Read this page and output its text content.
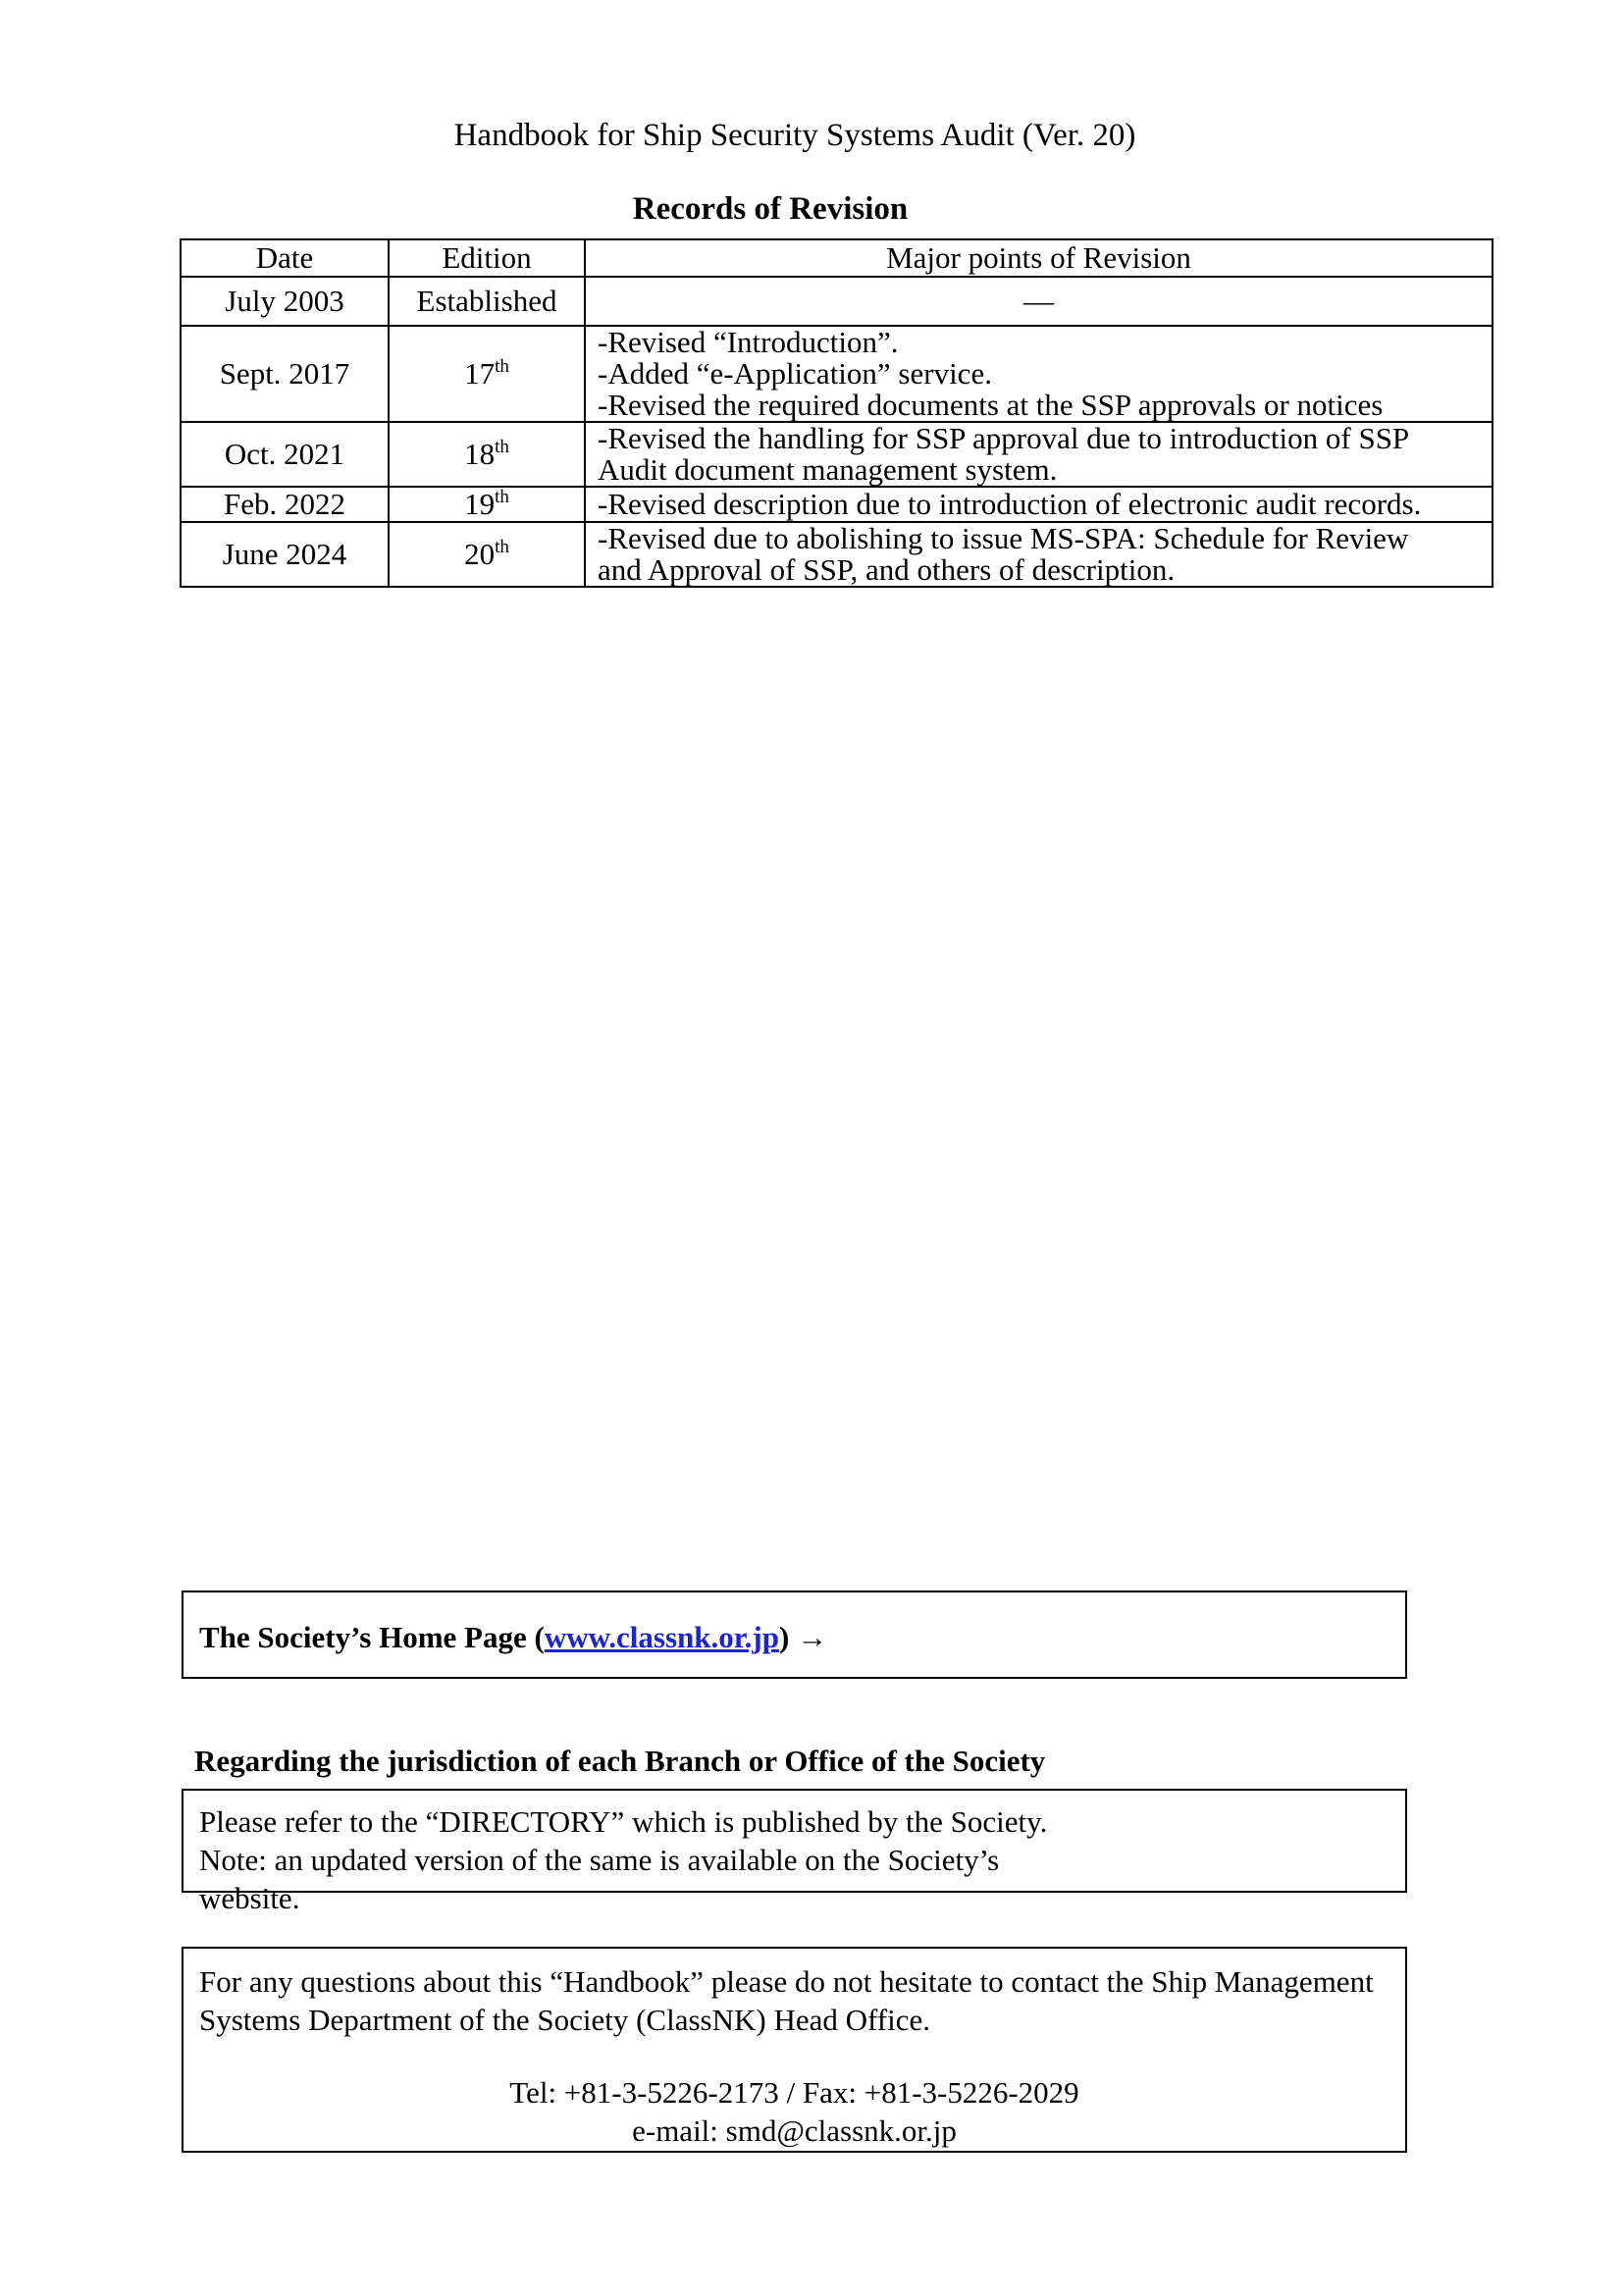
Handbook for Ship Security Systems Audit (Ver. 20)
Records of Revision
Date	Edition	Major points of Revision
July 2003	Established	―

Sept. 2017	17th	-Revised “Introduction”.
-Added “e-Application” service.
-Revised the required documents at the SSP approvals or notices

Oct. 2021	18th	-Revised the handling for SSP approval due to introduction of SSP
Audit document management system.

Feb. 2022	19th	-Revised description due to introduction of electronic audit records.

June 2024	20th	-Revised due to abolishing to issue MS-SPA: Schedule for Review
and Approval of SSP, and others of description.
The Society’s Home Page (www.classnk.or.jp) →
Regarding the jurisdiction of each Branch or Office of the Society
Please refer to the “DIRECTORY” which is published by the Society. Note: an updated version of the same is available on the Society’s website.
For any questions about this “Handbook” please do not hesitate to contact the Ship Management Systems Department of the Society (ClassNK) Head Office.
Tel: +81-3-5226-2173 / Fax: +81-3-5226-2029
e-mail: smd@classnk.or.jp
